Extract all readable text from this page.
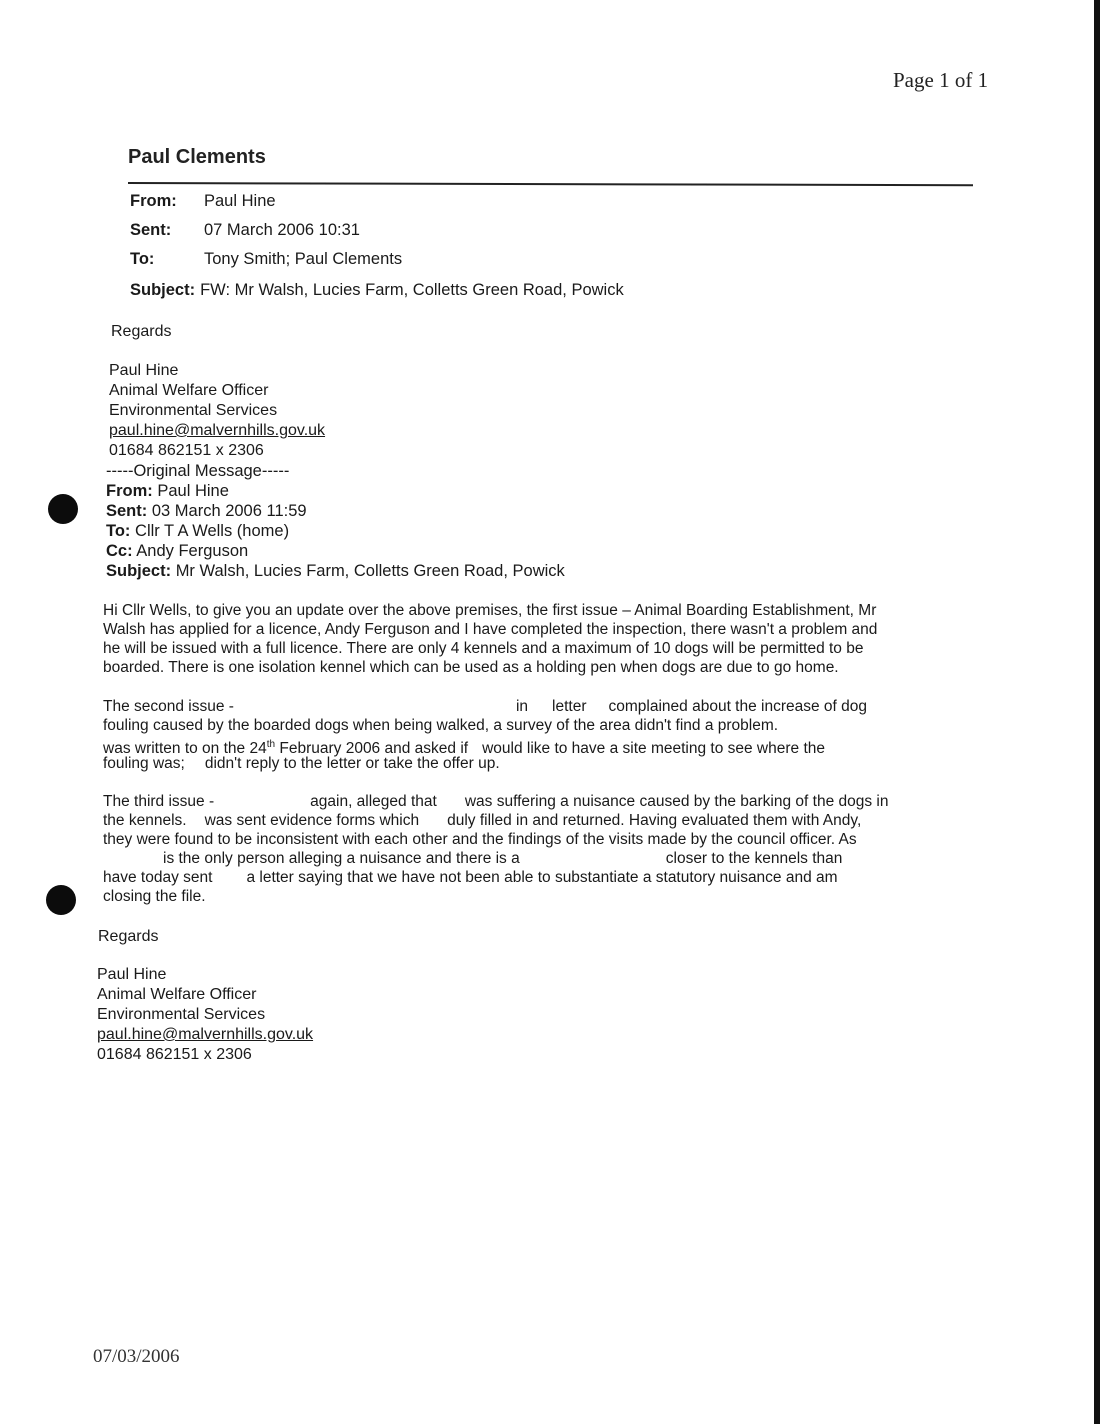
Page 1 of 1
Paul Clements
From: Paul Hine
Sent: 07 March 2006 10:31
To:	Tony Smith; Paul Clements
Subject: FW: Mr Walsh, Lucies Farm, Colletts Green Road, Powick
Regards
Paul Hine
Animal Welfare Officer
Environmental Services
paul.hine@malvernhills.gov.uk
01684 862151 x 2306
-----Original Message-----
From: Paul Hine
Sent: 03 March 2006 11:59
To: Cllr T A Wells (home)
Cc: Andy Ferguson
Subject: Mr Walsh, Lucies Farm, Colletts Green Road, Powick
Hi Cllr Wells, to give you an update over the above premises, the first issue – Animal Boarding Establishment, Mr
Walsh has applied for a licence, Andy Ferguson and I have completed the inspection, there wasn't a problem and
he will be issued with a full licence. There are only 4 kennels and a maximum of 10 dogs will be permitted to be
boarded. There is one isolation kennel which can be used as a holding pen when dogs are due to go home.
The second issue -	in letter complained about the increase of dog
fouling caused by the boarded dogs when being walked, a survey of the area didn't find a problem.
was written to on the 24th February 2006 and asked if would like to have a site meeting to see where the
fouling was; didn't reply to the letter or take the offer up.
The third issue -	again, alleged that was suffering a nuisance caused by the barking of the dogs in
the kennels. was sent evidence forms which duly filled in and returned. Having evaluated them with Andy,
they were found to be inconsistent with each other and the findings of the visits made by the council officer. As
is the only person alleging a nuisance and there is a	closer to the kennels than
have today sent a letter saying that we have not been able to substantiate a statutory nuisance and am
closing the file.
Regards
Paul Hine
Animal Welfare Officer
Environmental Services
paul.hine@malvernhills.gov.uk
01684 862151 x 2306
07/03/2006
